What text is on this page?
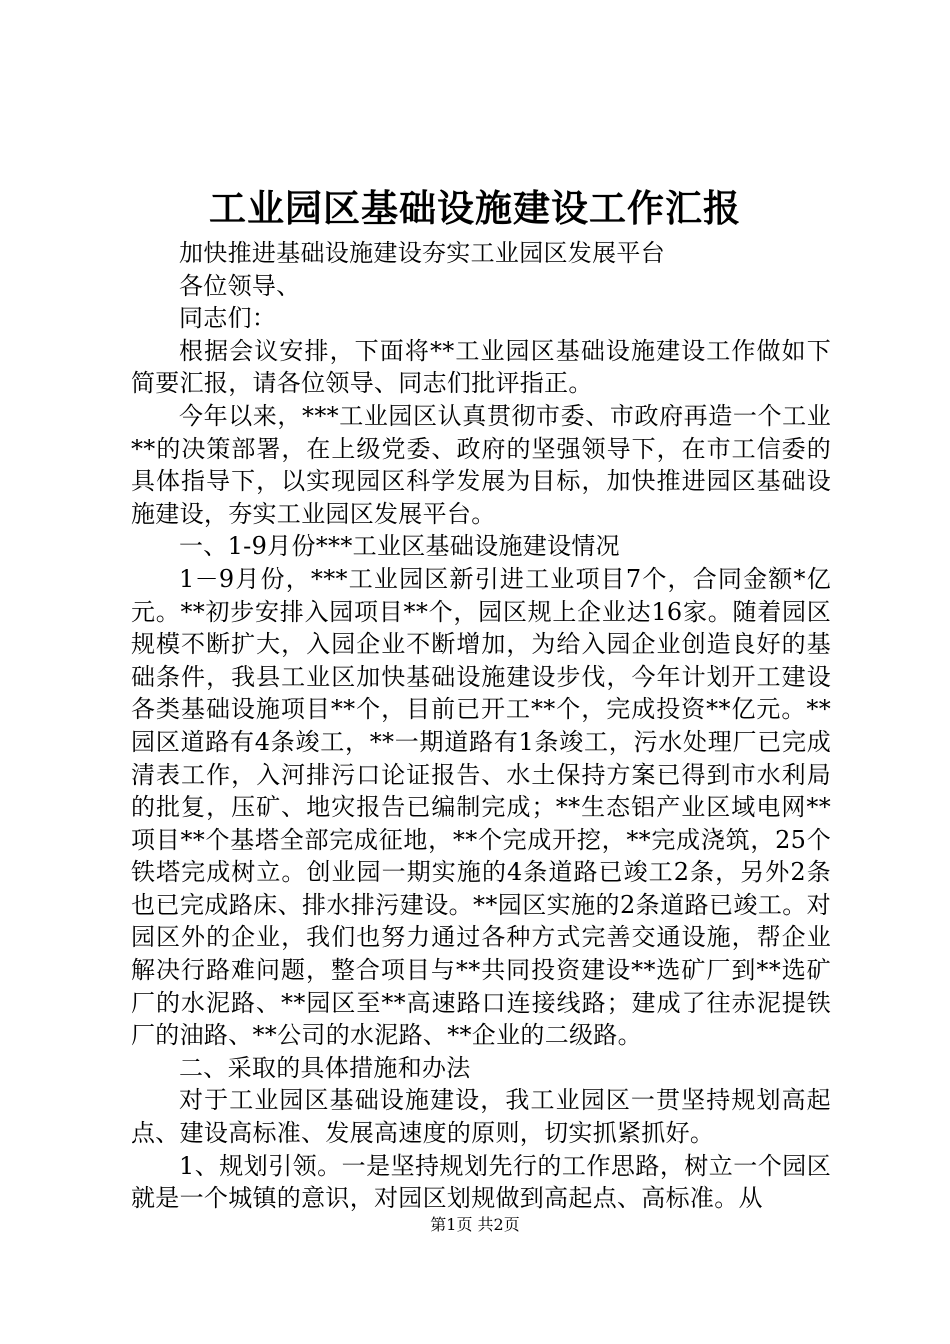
工业园区基础设施建设工作汇报

加快推进基础设施建设夯实工业园区发展平台

各位领导、

同志们：

根据会议安排，下面将**工业园区基础设施建设工作做如下简要汇报，请各位领导、同志们批评指正。

今年以来，***工业园区认真贯彻市委、市政府再造一个工业**的决策部署，在上级党委、政府的坚强领导下，在市工信委的具体指导下，以实现园区科学发展为目标，加快推进园区基础设施建设，夯实工业园区发展平台。

一、1-9月份***工业区基础设施建设情况

1－9月份，***工业园区新引进工业项目7个，合同金额*亿元。**初步安排入园项目**个，园区规上企业达16家。随着园区规模不断扩大，入园企业不断增加，为给入园企业创造良好的基础条件，我县工业区加快基础设施建设步伐，今年计划开工建设各类基础设施项目**个，目前已开工**个，完成投资**亿元。**园区道路有4条竣工，**一期道路有1条竣工，污水处理厂已完成清表工作，入河排污口论证报告、水土保持方案已得到市水利局的批复，压矿、地灾报告已编制完成；**生态铝产业区域电网**项目**个基塔全部完成征地，**个完成开挖，**完成浇筑，25个铁塔完成树立。创业园一期实施的4条道路已竣工2条，另外2条也已完成路床、排水排污建设。**园区实施的2条道路已竣工。对园区外的企业，我们也努力通过各种方式完善交通设施，帮企业解决行路难问题，整合项目与**共同投资建设**选矿厂到**选矿厂的水泥路、**园区至**高速路口连接线路；建成了往赤泥提铁厂的油路、**公司的水泥路、**企业的二级路。

二、采取的具体措施和办法

对于工业园区基础设施建设，我工业园区一贯坚持规划高起点、建设高标准、发展高速度的原则，切实抓紧抓好。

1、规划引领。一是坚持规划先行的工作思路，树立一个园区就是一个城镇的意识，对园区划规做到高起点、高标准。从

第1页 共2页
